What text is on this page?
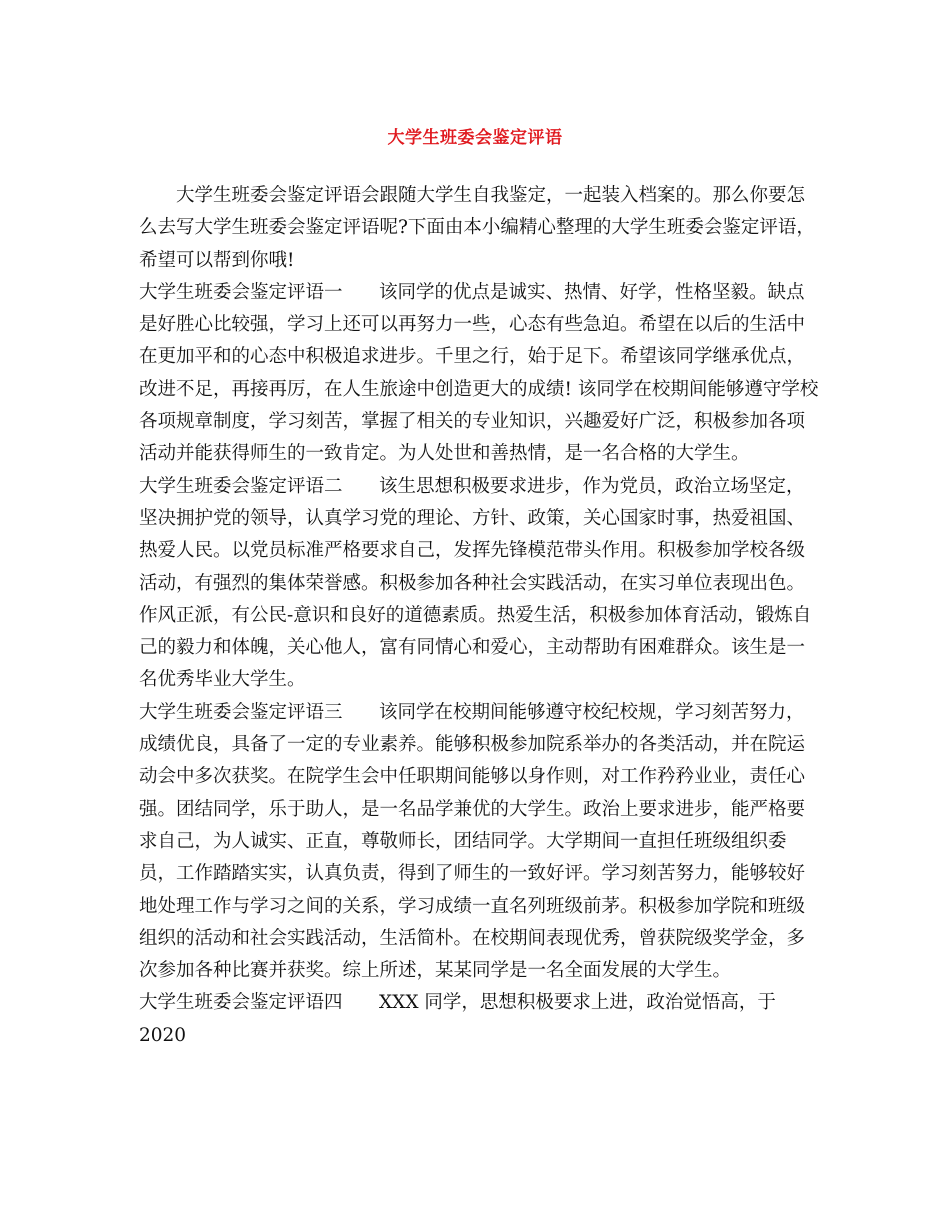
大学生班委会鉴定评语

大学生班委会鉴定评语会跟随大学生自我鉴定，一起装入档案的。那么你要怎么去写大学生班委会鉴定评语呢?下面由本小编精心整理的大学生班委会鉴定评语，希望可以帮到你哦!

大学生班委会鉴定评语一 该同学的优点是诚实、热情、好学，性格坚毅。缺点是好胜心比较强，学习上还可以再努力一些，心态有些急迫。希望在以后的生活中在更加平和的心态中积极追求进步。千里之行，始于足下。希望该同学继承优点，改进不足，再接再厉，在人生旅途中创造更大的成绩! 该同学在校期间能够遵守学校各项规章制度，学习刻苦，掌握了相关的专业知识，兴趣爱好广泛，积极参加各项活动并能获得师生的一致肯定。为人处世和善热情，是一名合格的大学生。

大学生班委会鉴定评语二 该生思想积极要求进步，作为党员，政治立场坚定，坚决拥护党的领导，认真学习党的理论、方针、政策，关心国家时事，热爱祖国、热爱人民。以党员标准严格要求自己，发挥先锋模范带头作用。积极参加学校各级活动，有强烈的集体荣誉感。积极参加各种社会实践活动，在实习单位表现出色。作风正派，有公民-意识和良好的道德素质。热爱生活，积极参加体育活动，锻炼自己的毅力和体魄，关心他人，富有同情心和爱心，主动帮助有困难群众。该生是一名优秀毕业大学生。

大学生班委会鉴定评语三 该同学在校期间能够遵守校纪校规，学习刻苦努力，成绩优良，具备了一定的专业素养。能够积极参加院系举办的各类活动，并在院运动会中多次获奖。在院学生会中任职期间能够以身作则，对工作矜矜业业，责任心强。团结同学，乐于助人，是一名品学兼优的大学生。政治上要求进步，能严格要求自己，为人诚实、正直，尊敬师长，团结同学。大学期间一直担任班级组织委员，工作踏踏实实，认真负责，得到了师生的一致好评。学习刻苦努力，能够较好地处理工作与学习之间的关系，学习成绩一直名列班级前茅。积极参加学院和班级组织的活动和社会实践活动，生活简朴。在校期间表现优秀，曾获院级奖学金，多次参加各种比赛并获奖。综上所述，某某同学是一名全面发展的大学生。

大学生班委会鉴定评语四 XXX 同学，思想积极要求上进，政治觉悟高，于 2020
